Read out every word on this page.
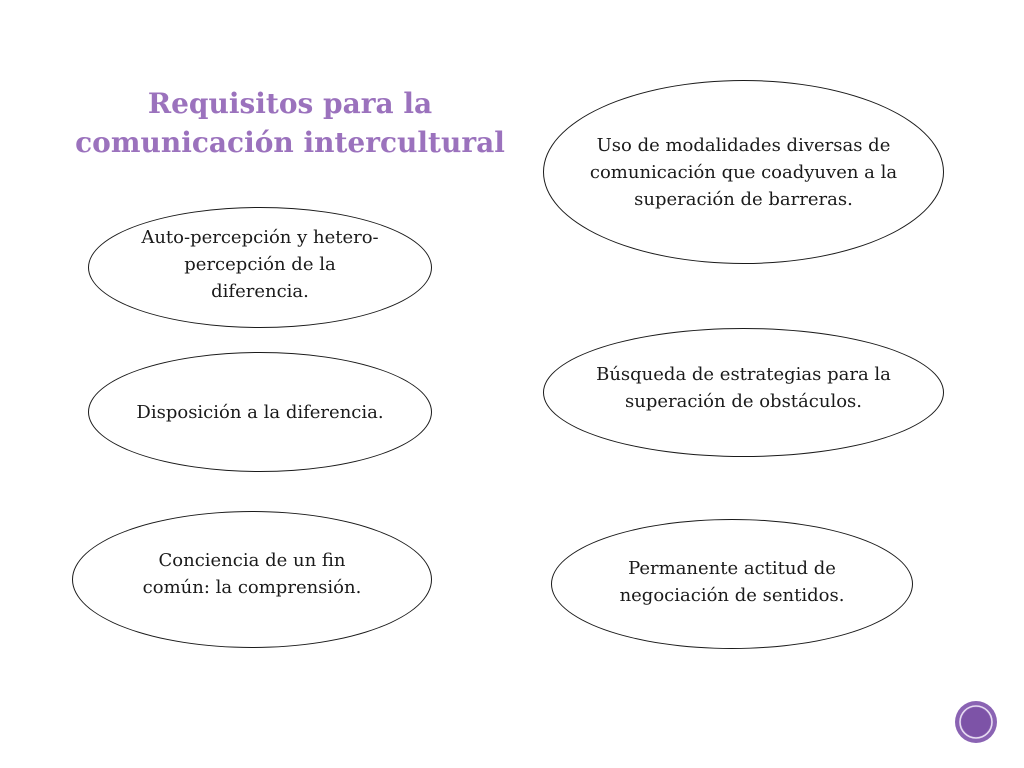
Requisitos para la
comunicación intercultural
Auto-percepción y hetero-
percepción de la
diferencia.
Disposición a la diferencia.
Conciencia de un fin
común: la comprensión.
Uso de modalidades diversas de
comunicación que coadyuven a la
superación de barreras.
Búsqueda de estrategias para la
superación de obstáculos.
Permanente actitud de
negociación de sentidos.
